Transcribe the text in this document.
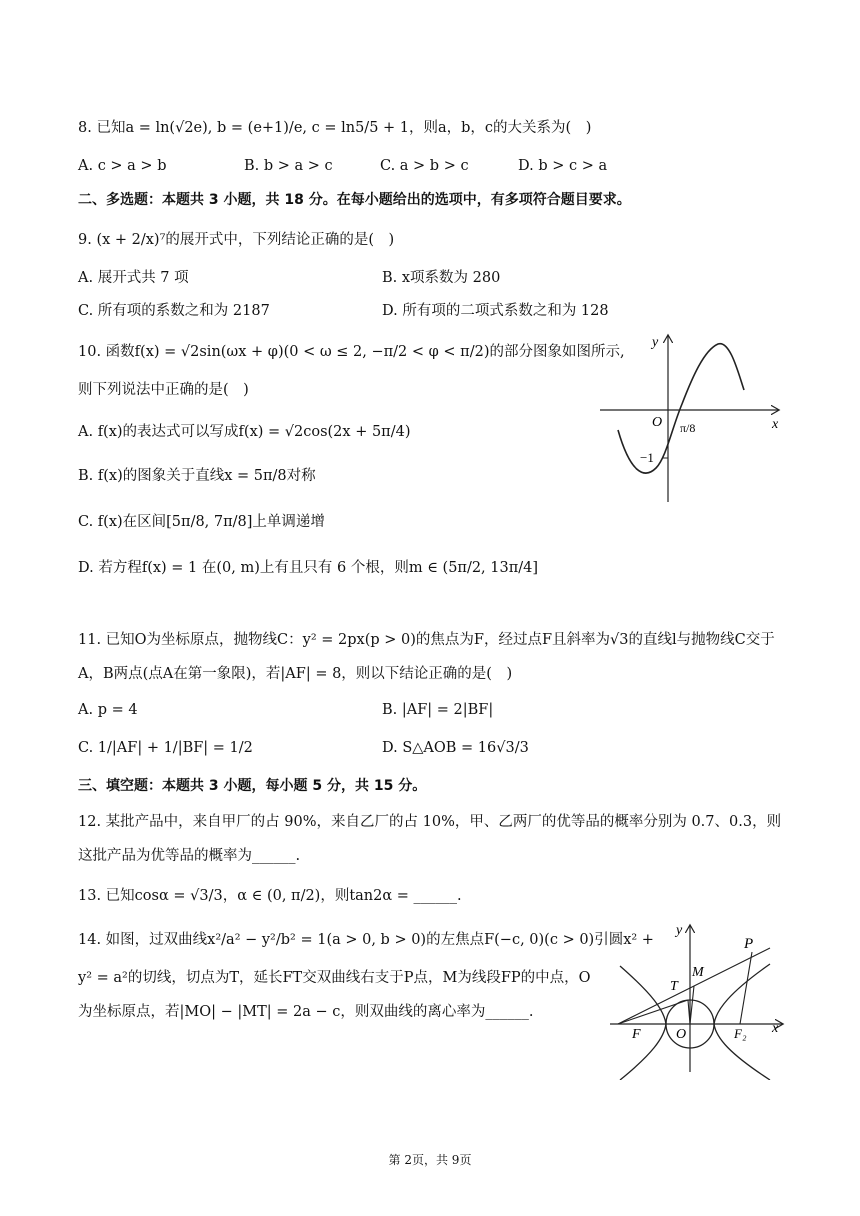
8. 已知a = ln(√2e), b = (e+1)/e, c = ln5/5 + 1，则a，b，c的大关系为(　)
A. c > a > b	B. b > a > c	C. a > b > c	D. b > c > a
二、多选题：本题共 3 小题，共 18 分。在每小题给出的选项中，有多项符合题目要求。
9. (x + 2/x)⁷的展开式中，下列结论正确的是(　)
A. 展开式共 7 项	B. x项系数为 280
C. 所有项的系数之和为 2187	D. 所有项的二项式系数之和为 128
10. 函数f(x) = √2sin(ωx + φ)(0 < ω ≤ 2, −π/2 < φ < π/2)的部分图象如图所示,
则下列说法中正确的是(　)
A. f(x)的表达式可以写成f(x) = √2cos(2x + 5π/4)
B. f(x)的图象关于直线x = 5π/8对称
C. f(x)在区间[5π/8, 7π/8]上单调递增
D. 若方程f(x) = 1 在(0, m)上有且只有 6 个根，则m ∈ (5π/2, 13π/4]
y
x
O π/8
−1
11. 已知O为坐标原点，抛物线C：y² = 2px(p > 0)的焦点为F，经过点F且斜率为√3的直线l与抛物线C交于
A，B两点(点A在第一象限)，若|AF| = 8，则以下结论正确的是(　)
A. p = 4	B. |AF| = 2|BF|
C. 1/|AF| + 1/|BF| = 1/2	D. S△AOB = 16√3/3
三、填空题：本题共 3 小题，每小题 5 分，共 15 分。
12. 某批产品中，来自甲厂的占 90%，来自乙厂的占 10%，甲、乙两厂的优等品的概率分别为 0.7、0.3，则
这批产品为优等品的概率为______.
13. 已知cosα = √3/3，α ∈ (0, π/2)，则tan2α = ______.
14. 如图，过双曲线x²/a² − y²/b² = 1(a > 0, b > 0)的左焦点F(−c, 0)(c > 0)引圆x² +
y² = a²的切线，切点为T，延长FT交双曲线右支于P点，M为线段FP的中点，O
为坐标原点，若|MO| − |MT| = 2a − c，则双曲线的离心率为______.
y
x
P
M
T
F	O	F₂
第 2页，共 9页
